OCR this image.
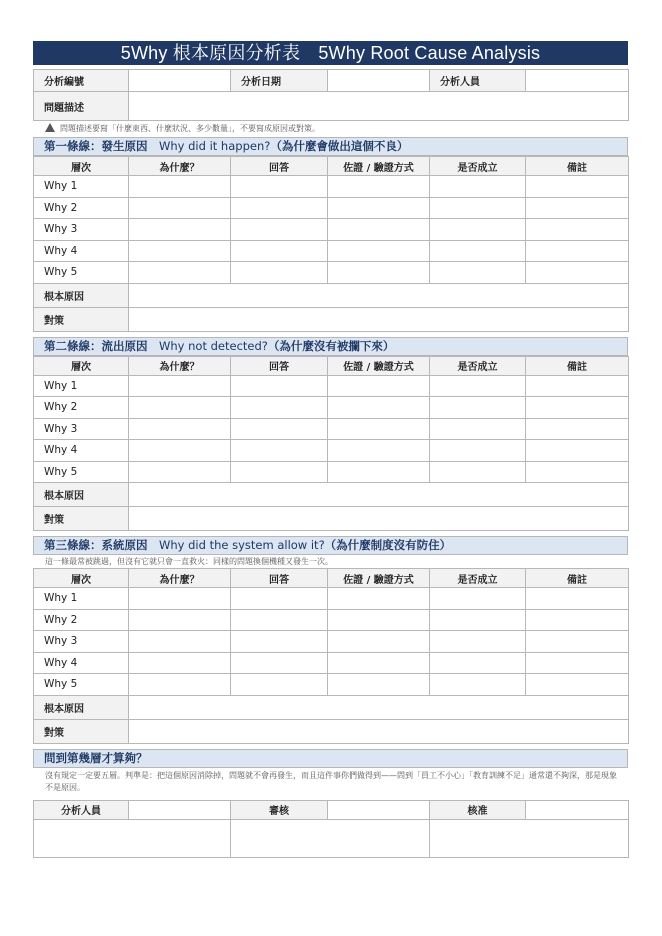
5Why 根本原因分析表　5Why Root Cause Analysis
分析編號		分析日期		分析人員	
問題描述					
問題描述要寫「什麼東西、什麼狀況、多少數量」，不要寫成原因或對策。
第一條線：發生原因　 Why did it happen?（為什麼會做出這個不良）
層次	為什麼？	回答	佐證 / 驗證方式	是否成立	備註
Why 1					
Why 2					
Why 3					
Why 4					
Why 5					
根本原因					
對策					
第二條線：流出原因　 Why not detected?（為什麼沒有被攔下來）
層次	為什麼？	回答	佐證 / 驗證方式	是否成立	備註
Why 1					
Why 2					
Why 3					
Why 4					
Why 5					
根本原因					
對策					
第三條線：系統原因　 Why did the system allow it?（為什麼制度沒有防住）
這一條最常被跳過，但沒有它就只會一直救火：同樣的問題換個機種又發生一次。
層次	為什麼？	回答	佐證 / 驗證方式	是否成立	備註
Why 1					
Why 2					
Why 3					
Why 4					
Why 5					
根本原因					
對策					
問到第幾層才算夠？
沒有規定一定要五層。判準是：把這個原因消除掉，問題就不會再發生，而且這件事你們做得到——問到「員工不小心」「教育訓練不足」通常還不夠深，那是現象不是原因。
分析人員		審核		核准	
